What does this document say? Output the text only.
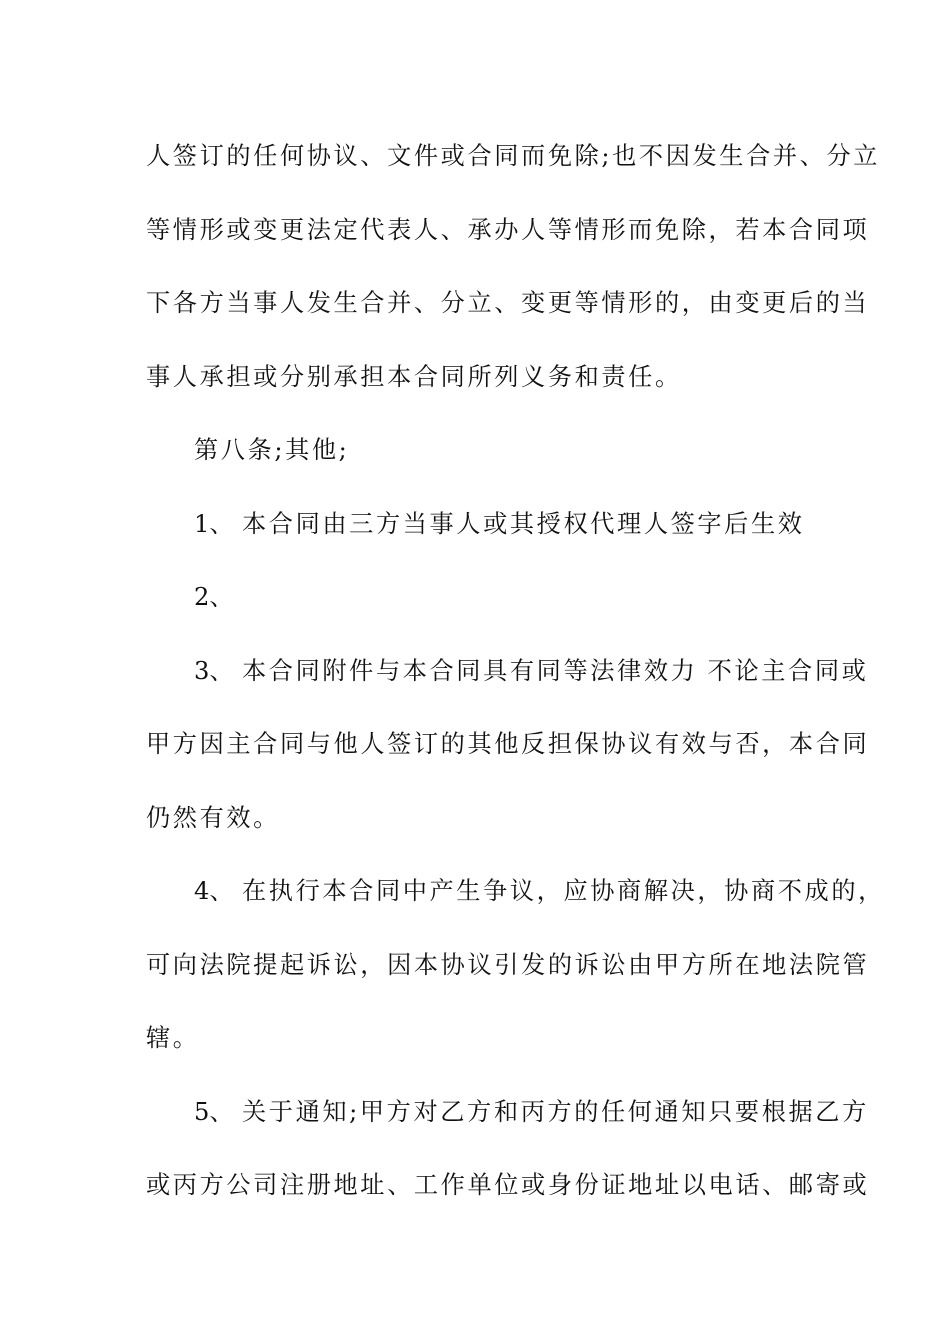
人签订的任何协议、文件或合同而免除;也不因发生合并、分立
等情形或变更法定代表人、承办人等情形而免除，若本合同项
下各方当事人发生合并、分立、变更等情形的，由变更后的当
事人承担或分别承担本合同所列义务和责任。
第八条;其他;
1、 本合同由三方当事人或其授权代理人签字后生效
2、
3、 本合同附件与本合同具有同等法律效力 不论主合同或
甲方因主合同与他人签订的其他反担保协议有效与否，本合同
仍然有效。
4、 在执行本合同中产生争议，应协商解决，协商不成的，
可向法院提起诉讼，因本协议引发的诉讼由甲方所在地法院管
辖。
5、 关于通知;甲方对乙方和丙方的任何通知只要根据乙方
或丙方公司注册地址、工作单位或身份证地址以电话、邮寄或
